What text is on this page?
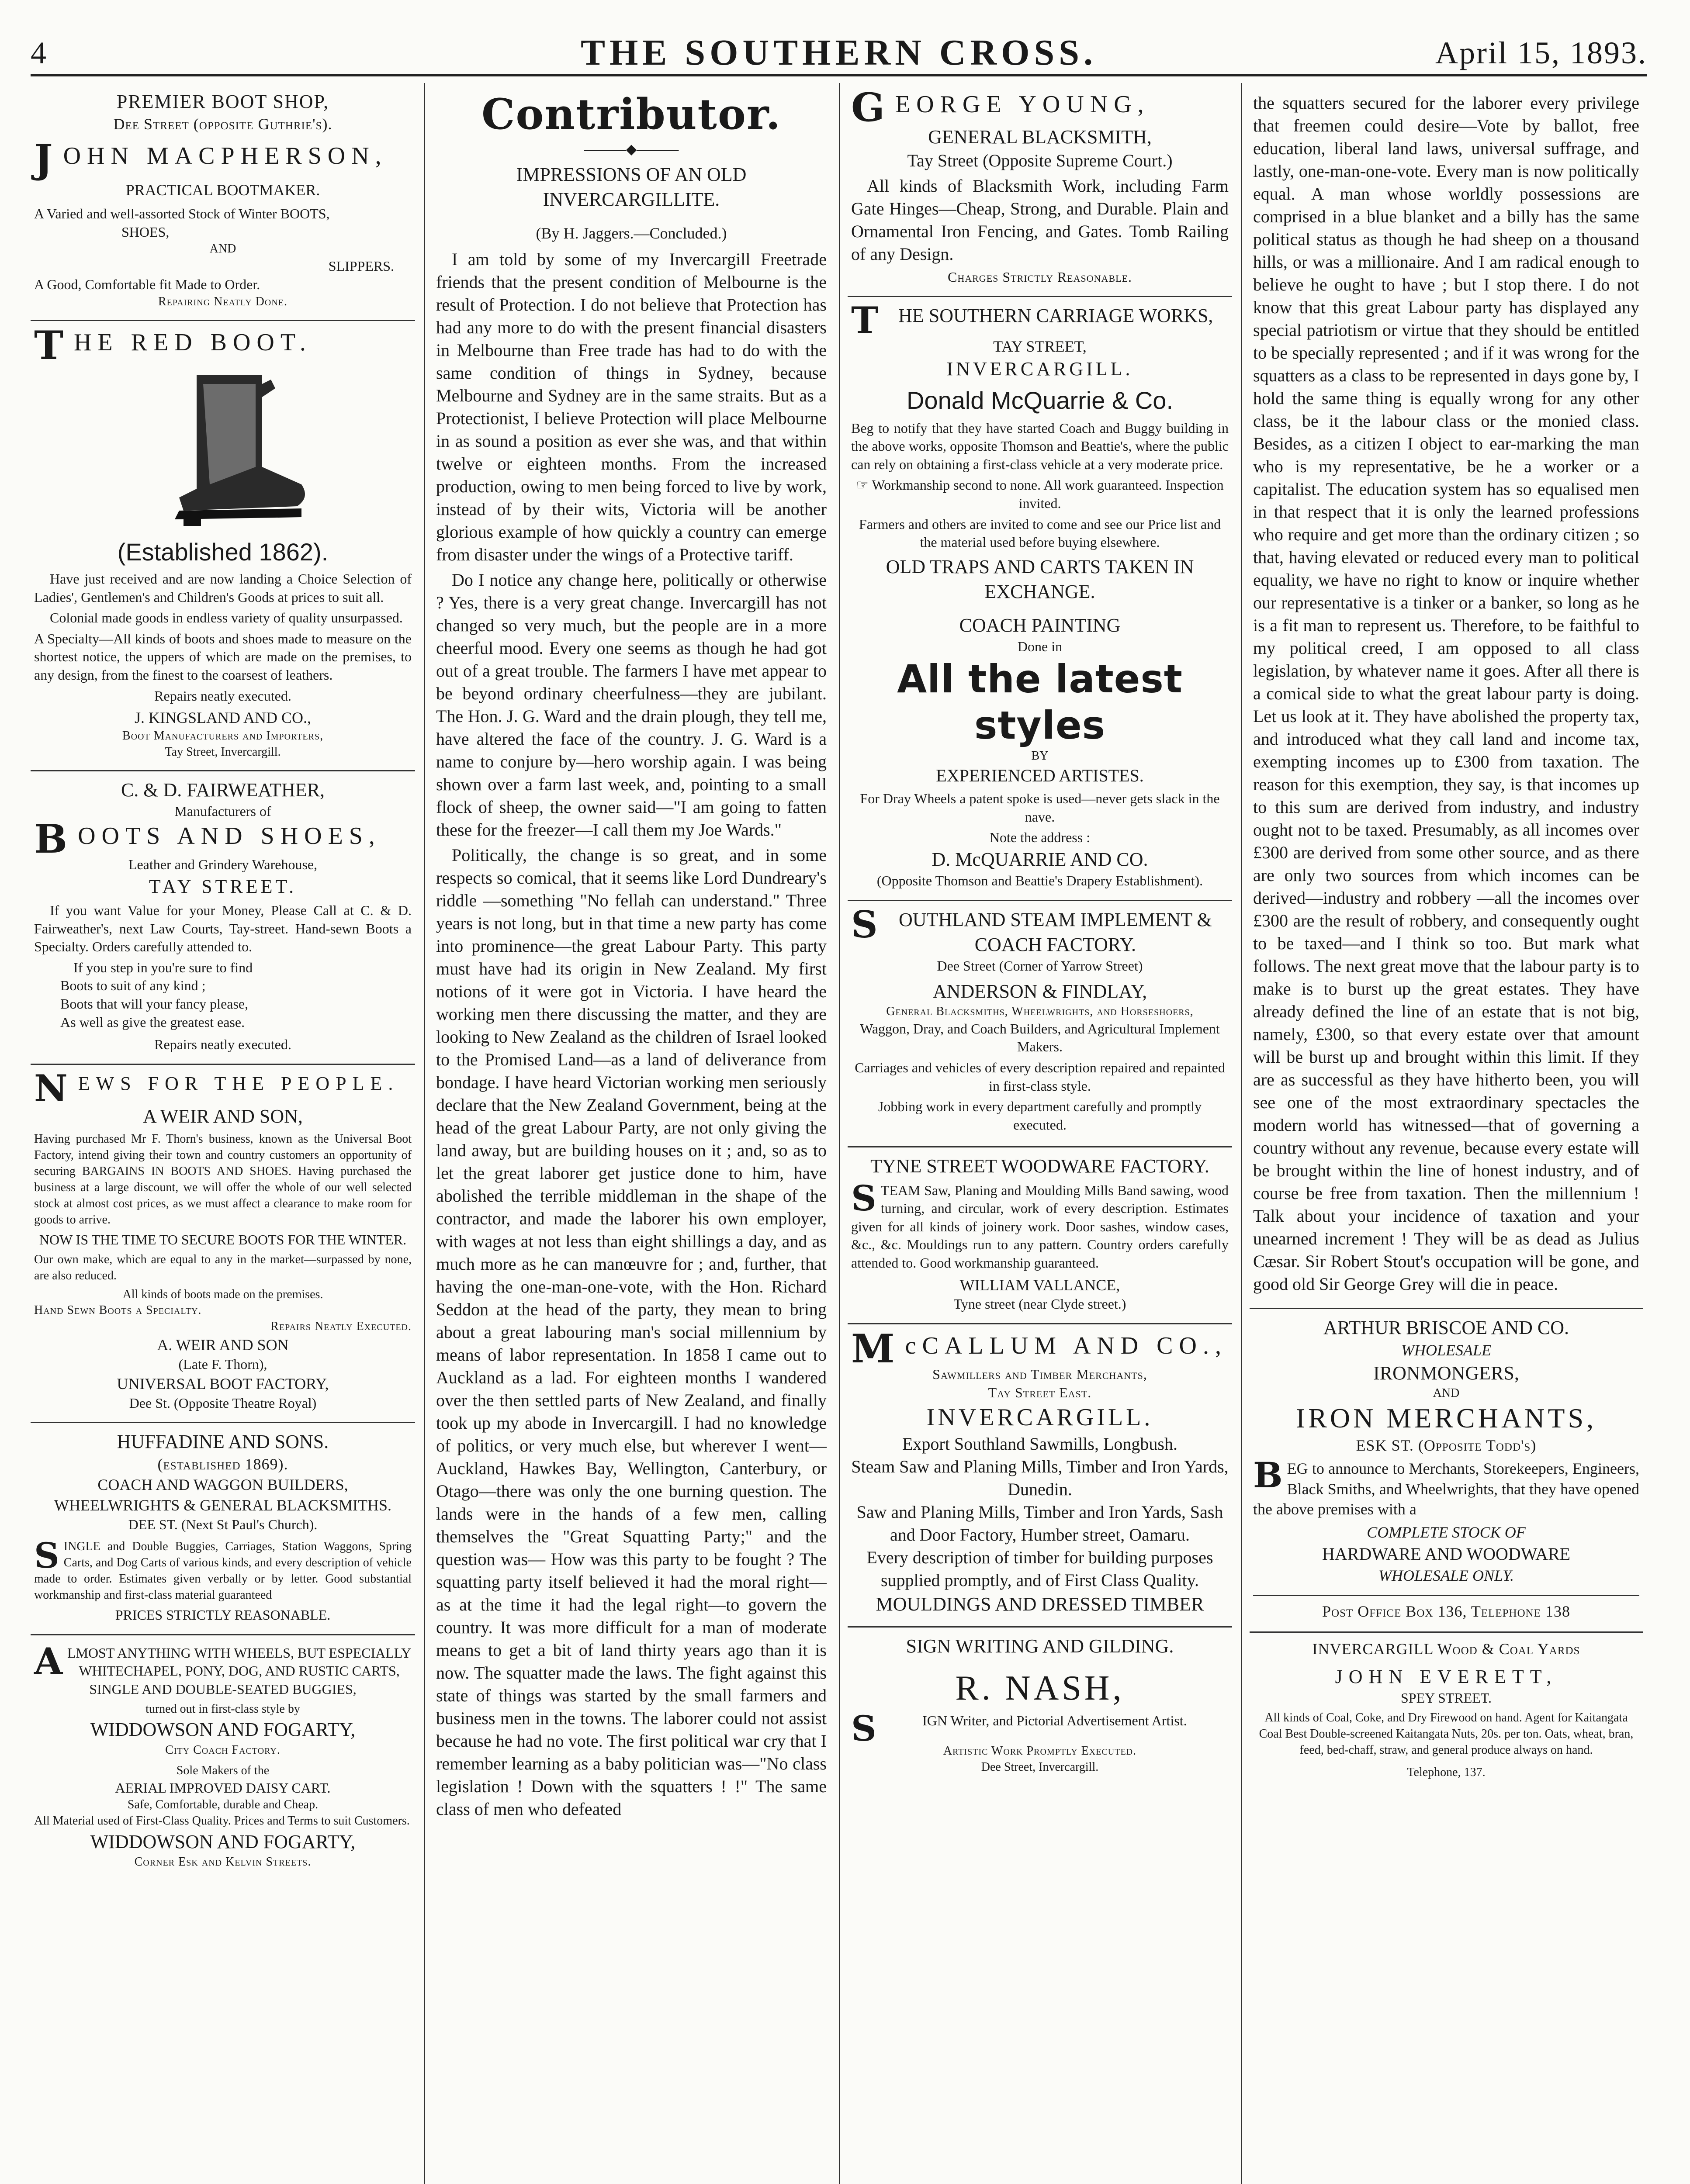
4	THE SOUTHERN CROSS.	April 15, 1893.
PREMIER BOOT SHOP,
Dee Street (opposite Guthrie's).
JOHN MACPHERSON,
PRACTICAL BOOTMAKER.
A Varied and well-assorted Stock of Winter BOOTS,
SHOES,
AND
SLIPPERS.
A Good, Comfortable fit Made to Order.
Repairing Neatly Done.
THE RED BOOT.
(Established 1862).

Have just received and are now landing a Choice Selection of Ladies', Gentlemen's and Children's Goods at prices to suit all.

Colonial made goods in endless variety of quality unsurpassed.

A Specialty—All kinds of boots and shoes made to measure on the shortest notice, the uppers of which are made on the premises, to any design, from the finest to the coarsest of leathers.

Repairs neatly executed.

J. KINGSLAND AND CO.,
Boot Manufacturers and Importers,
Tay Street, Invercargill.
C. & D. FAIRWEATHER,
Manufacturers of
BOOTS AND SHOES,
Leather and Grindery Warehouse,
TAY STREET.

If you want Value for your Money, Please Call at C. & D. Fairweather's, next Law Courts, Tay-street. Hand-sewn Boots a Specialty. Orders carefully attended to.

If you step in you're sure to find
Boots to suit of any kind ;
Boots that will your fancy please,
As well as give the greatest ease.
Repairs neatly executed.
NEWS FOR THE PEOPLE.
A WEIR AND SON,

Having purchased Mr F. Thorn's business, known as the Universal Boot Factory, intend giving their town and country customers an opportunity of securing BARGAINS IN BOOTS AND SHOES. Having purchased the business at a large discount, we will offer the whole of our well selected stock at almost cost prices, as we must affect a clearance to make room for goods to arrive.

NOW IS THE TIME TO SECURE BOOTS FOR THE WINTER.

Our own make, which are equal to any in the market—surpassed by none, are also reduced.

All kinds of boots made on the premises.
Hand Sewn Boots a Specialty.
Repairs Neatly Executed.
A. WEIR AND SON
(Late F. Thorn),
UNIVERSAL BOOT FACTORY,
Dee St. (Opposite Theatre Royal)
HUFFADINE AND SONS.
(established 1869).
COACH AND WAGGON BUILDERS,
WHEELWRIGHTS & GENERAL BLACKSMITHS.
DEE ST. (Next St Paul's Church).

SINGLE and Double Buggies, Carriages, Station Waggons, Spring Carts, and Dog Carts of various kinds, and every description of vehicle made to order. Estimates given verbally or by letter. Good substantial workmanship and first-class material guaranteed

PRICES STRICTLY REASONABLE.

ALMOST ANYTHING WITH WHEELS, BUT ESPECIALLY WHITECHAPEL, PONY, DOG, AND RUSTIC CARTS, SINGLE AND DOUBLE-SEATED BUGGIES,

turned out in first-class style by
WIDDOWSON AND FOGARTY,
City Coach Factory.
Sole Makers of the
AERIAL IMPROVED DAISY CART.
Safe, Comfortable, durable and Cheap.
All Material used of First-Class Quality. Prices and Terms to suit Customers.
WIDDOWSON AND FOGARTY,
Corner Esk and Kelvin Streets.
Contributor.
———◆———
IMPRESSIONS OF AN OLD INVERCARGILLITE.
(By H. Jaggers.—Concluded.)

I am told by some of my Invercargill Freetrade friends that the present condition of Melbourne is the result of Protection. I do not believe that Protection has had any more to do with the present financial disasters in Melbourne than Free trade has had to do with the same condition of things in Sydney, because Melbourne and Sydney are in the same straits. But as a Protectionist, I believe Protection will place Melbourne in as sound a position as ever she was, and that within twelve or eighteen months. From the increased production, owing to men being forced to live by work, instead of by their wits, Victoria will be another glorious example of how quickly a country can emerge from disaster under the wings of a Protective tariff.

Do I notice any change here, politically or otherwise ? Yes, there is a very great change. Invercargill has not changed so very much, but the people are in a more cheerful mood. Every one seems as though he had got out of a great trouble. The farmers I have met appear to be beyond ordinary cheerfulness—they are jubilant. The Hon. J. G. Ward and the drain plough, they tell me, have altered the face of the country. J. G. Ward is a name to conjure by—hero worship again. I was being shown over a farm last week, and, pointing to a small flock of sheep, the owner said—"I am going to fatten these for the freezer—I call them my Joe Wards."

Politically, the change is so great, and in some respects so comical, that it seems like Lord Dundreary's riddle —something "No fellah can understand." Three years is not long, but in that time a new party has come into prominence—the great Labour Party. This party must have had its origin in New Zealand. My first notions of it were got in Victoria. I have heard the working men there discussing the matter, and they are looking to New Zealand as the children of Israel looked to the Promised Land—as a land of deliverance from bondage. I have heard Victorian working men seriously declare that the New Zealand Government, being at the head of the great Labour Party, are not only giving the land away, but are building houses on it ; and, so as to let the great laborer get justice done to him, have abolished the terrible middleman in the shape of the contractor, and made the laborer his own employer, with wages at not less than eight shillings a day, and as much more as he can manœuvre for ; and, further, that having the one-man-one-vote, with the Hon. Richard Seddon at the head of the party, they mean to bring about a great labouring man's social millennium by means of labor representation. In 1858 I came out to Auckland as a lad. For eighteen months I wandered over the then settled parts of New Zealand, and finally took up my abode in Invercargill. I had no knowledge of politics, or very much else, but wherever I went—Auckland, Hawkes Bay, Wellington, Canterbury, or Otago—there was only the one burning question. The lands were in the hands of a few men, calling themselves the "Great Squatting Party;" and the question was— How was this party to be fought ? The squatting party itself believed it had the moral right—as at the time it had the legal right—to govern the country. It was more difficult for a man of moderate means to get a bit of land thirty years ago than it is now. The squatter made the laws. The fight against this state of things was started by the small farmers and business men in the towns. The laborer could not assist because he had no vote. The first political war cry that I remember learning as a baby politician was—"No class legislation ! Down with the squatters ! !" The same class of men who defeated

GEORGE YOUNG,
GENERAL BLACKSMITH,
Tay Street (Opposite Supreme Court.)

All kinds of Blacksmith Work, including Farm Gate Hinges—Cheap, Strong, and Durable. Plain and Ornamental Iron Fencing, and Gates. Tomb Railing of any Design.

Charges Strictly Reasonable.
T HE SOUTHERN CARRIAGE WORKS,
TAY STREET,
INVERCARGILL.
Donald McQuarrie & Co.

Beg to notify that they have started Coach and Buggy building in the above works, opposite Thomson and Beattie's, where the public can rely on obtaining a first-class vehicle at a very moderate price.

☞ Workmanship second to none. All work guaranteed. Inspection invited.

Farmers and others are invited to come and see our Price list and the material used before buying elsewhere.

OLD TRAPS AND CARTS TAKEN IN EXCHANGE.
COACH PAINTING
Done in
All the latest styles
BY
EXPERIENCED ARTISTES.

For Dray Wheels a patent spoke is used—never gets slack in the nave.

Note the address :
D. McQUARRIE AND CO.
(Opposite Thomson and Beattie's Drapery Establishment).
S OUTHLAND STEAM IMPLEMENT & COACH FACTORY.
Dee Street (Corner of Yarrow Street)
ANDERSON & FINDLAY,
General Blacksmiths, Wheelwrights, and Horseshoers,
Waggon, Dray, and Coach Builders, and Agricultural Implement Makers.

Carriages and vehicles of every description repaired and repainted in first-class style.

Jobbing work in every department carefully and promptly executed.

TYNE STREET WOODWARE FACTORY.

STEAM Saw, Planing and Moulding Mills Band sawing, wood turning, and circular, work of every description. Estimates given for all kinds of joinery work. Door sashes, window cases, &c., &c. Mouldings run to any pattern. Country orders carefully attended to. Good workmanship guaranteed.

WILLIAM VALLANCE,
Tyne street (near Clyde street.)
McCALLUM AND CO.,
Sawmillers and Timber Merchants,
Tay Street East.
INVERCARGILL.
Export Southland Sawmills, Longbush.
Steam Saw and Planing Mills, Timber and Iron Yards, Dunedin.
Saw and Planing Mills, Timber and Iron Yards, Sash and Door Factory, Humber street, Oamaru.
Every description of timber for building purposes supplied promptly, and of First Class Quality.
MOULDINGS AND DRESSED TIMBER
SIGN WRITING AND GILDING.
R. NASH,

S	IGN Writer, and Pictorial Advertisement Artist.

Artistic Work Promptly Executed.
Dee Street, Invercargill.

the squatters secured for the laborer every privilege that freemen could desire—Vote by ballot, free education, liberal land laws, universal suffrage, and lastly, one-man-one-vote. Every man is now politically equal. A man whose worldly possessions are comprised in a blue blanket and a billy has the same political status as though he had sheep on a thousand hills, or was a millionaire. And I am radical enough to believe he ought to have ; but I stop there. I do not know that this great Labour party has displayed any special patriotism or virtue that they should be entitled to be specially represented ; and if it was wrong for the squatters as a class to be represented in days gone by, I hold the same thing is equally wrong for any other class, be it the labour class or the monied class. Besides, as a citizen I object to ear-marking the man who is my representative, be he a worker or a capitalist. The education system has so equalised men in that respect that it is only the learned professions who require and get more than the ordinary citizen ; so that, having elevated or reduced every man to political equality, we have no right to know or inquire whether our representative is a tinker or a banker, so long as he is a fit man to represent us. Therefore, to be faithful to my political creed, I am opposed to all class legislation, by whatever name it goes. After all there is a comical side to what the great labour party is doing. Let us look at it. They have abolished the property tax, and introduced what they call land and income tax, exempting incomes up to £300 from taxation. The reason for this exemption, they say, is that incomes up to this sum are derived from industry, and industry ought not to be taxed. Presumably, as all incomes over £300 are derived from some other source, and as there are only two sources from which incomes can be derived—industry and robbery —all the incomes over £300 are the result of robbery, and consequently ought to be taxed—and I think so too. But mark what follows. The next great move that the labour party is to make is to burst up the great estates. They have already defined the line of an estate that is not big, namely, £300, so that every estate over that amount will be burst up and brought within this limit. If they are as successful as they have hitherto been, you will see one of the most extraordinary spectacles the modern world has witnessed—that of governing a country without any revenue, because every estate will be brought within the line of honest industry, and of course be free from taxation. Then the millennium ! Talk about your incidence of taxation and your unearned increment ! They will be as dead as Julius Cæsar. Sir Robert Stout's occupation will be gone, and good old Sir George Grey will die in peace.

ARTHUR BRISCOE AND CO.
WHOLESALE
IRONMONGERS,
AND
IRON MERCHANTS,
ESK ST. (Opposite Todd's)

BEG to announce to Merchants, Storekeepers, Engineers, Black Smiths, and Wheelwrights, that they have opened the above premises with a

COMPLETE STOCK OF
HARDWARE AND WOODWARE
WHOLESALE ONLY.
Post Office Box 136, Telephone 138
INVERCARGILL Wood & Coal Yards
JOHN EVERETT,
SPEY STREET.

All kinds of Coal, Coke, and Dry Firewood on hand. Agent for Kaitangata Coal Best Double-screened Kaitangata Nuts, 20s. per ton. Oats, wheat, bran, feed, bed-chaff, straw, and general produce always on hand.

Telephone, 137.
